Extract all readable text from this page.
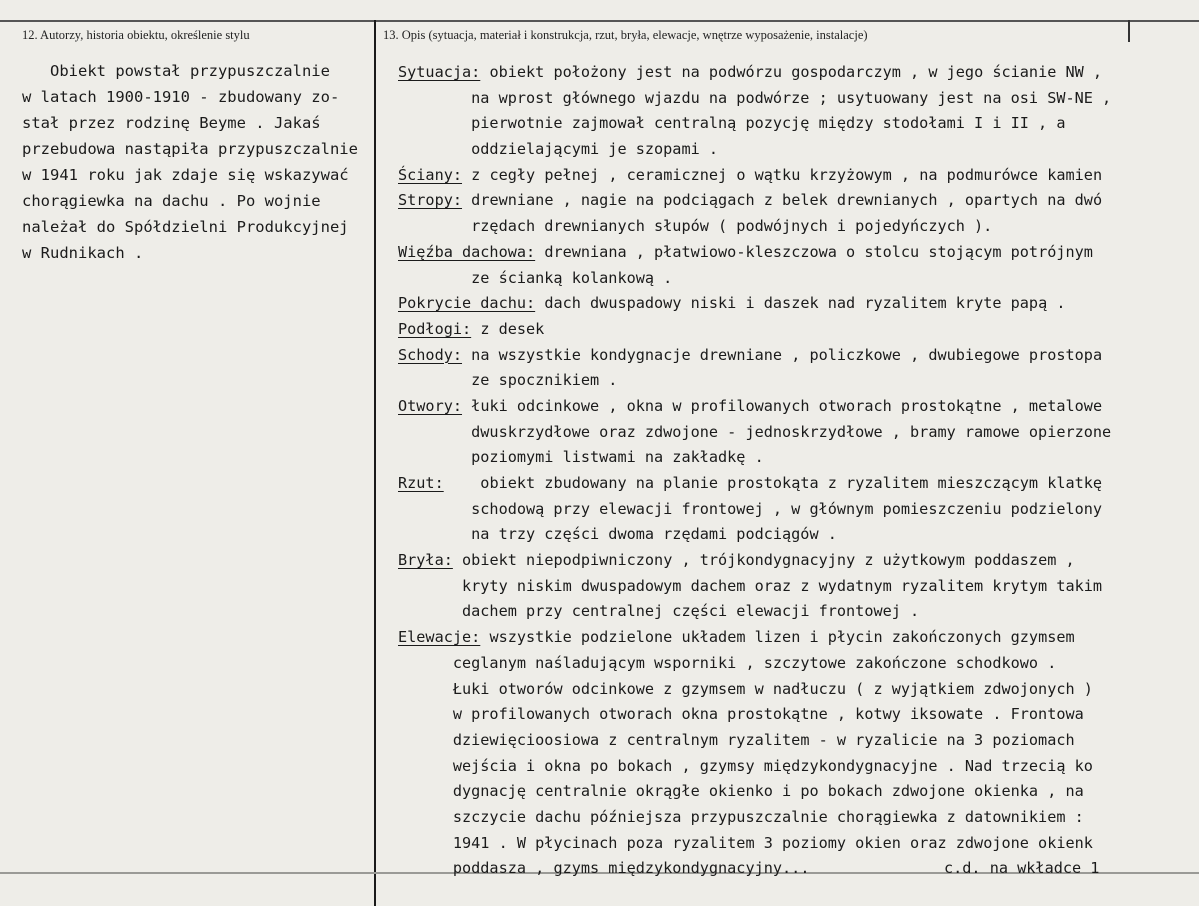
12. Autorzy, historia obiektu, określenie stylu	13. Opis (sytuacja, materiał i konstrukcja, rzut, bryła, elewacje, wnętrze wyposażenie, instalacje)
Obiekt powstał przypuszczalnie
w latach 1900-1910 - zbudowany zo-
stał przez rodzinę Beyme . Jakaś
przebudowa nastąpiła przypuszczalnie
w 1941 roku jak zdaje się wskazywać
chorągiewka na dachu . Po wojnie
należał do Spółdzielni Produkcyjnej
w Rudnikach .
Sytuacja: obiekt położony jest na podwórzu gospodarczym , w jego ścianie NW ,
na wprost głównego wjazdu na podwórze ; usytuowany jest na osi SW-NE ,
pierwotnie zajmował centralną pozycję między stodołami I i II , a
oddzielającymi je szopami .
Ściany: z cegły pełnej , ceramicznej o wątku krzyżowym , na podmurówce kamien
Stropy: drewniane , nagie na podciągach z belek drewnianych , opartych na dwó
rzędach drewnianych słupów ( podwójnych i pojedyńczych ).
Więźba dachowa: drewniana , płatwiowo-kleszczowa o stolcu stojącym potrójnym
ze ścianką kolankową .
Pokrycie dachu: dach dwuspadowy niski i daszek nad ryzalitem kryte papą .
Podłogi: z desek
Schody: na wszystkie kondygnacje drewniane , policzkowe , dwubiegowe prostopa
ze spocznikiem .
Otwory: łuki odcinkowe , okna w profilowanych otworach prostokątne , metalowe
dwuskrzydłowe oraz zdwojone - jednoskrzydłowe , bramy ramowe opierzone
poziomymi listwami na zakładkę .
Rzut:    obiekt zbudowany na planie prostokąta z ryzalitem mieszczącym klatkę
schodową przy elewacji frontowej , w głównym pomieszczeniu podzielony
na trzy części dwoma rzędami podciągów .
Bryła: obiekt niepodpiwniczony , trójkondygnacyjny z użytkowym poddaszem ,
kryty niskim dwuspadowym dachem oraz z wydatnym ryzalitem krytym takim
dachem przy centralnej części elewacji frontowej .
Elewacje: wszystkie podzielone układem lizen i płycin zakończonych gzymsem
ceglanym naśladującym wsporniki , szczytowe zakończone schodkowo .
Łuki otworów odcinkowe z gzymsem w nadłuczu ( z wyjątkiem zdwojonych )
w profilowanych otworach okna prostokątne , kotwy iksowate . Frontowa
dziewięcioosiowa z centralnym ryzalitem - w ryzalicie na 3 poziomach
wejścia i okna po bokach , gzymsy międzykondygnacyjne . Nad trzecią ko
dygnację centralnie okrągłe okienko i po bokach zdwojone okienka , na
szczycie dachu późniejsza przypuszczalnie chorągiewka z datownikiem :
1941 . W płycinach poza ryzalitem 3 poziomy okien oraz zdwojone okienk
poddasza , gzyms międzykondygnacyjny...	c.d. na wkładce 1
